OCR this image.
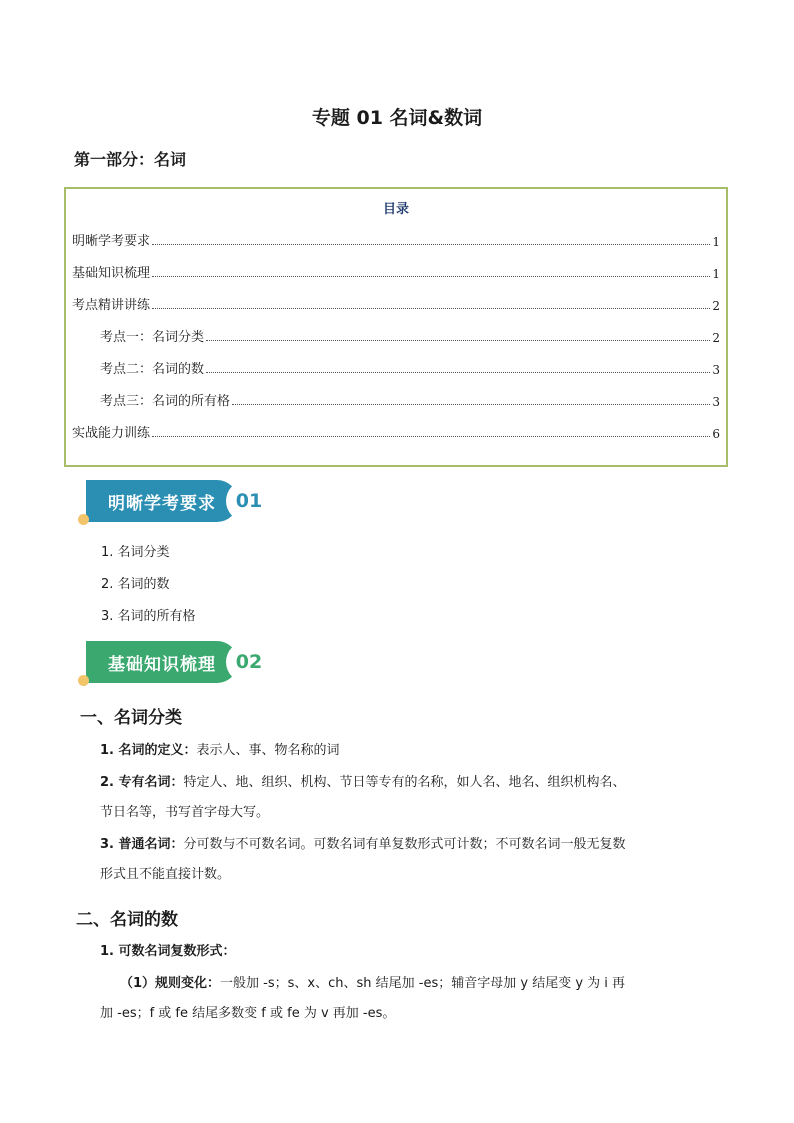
专题 01 名词&数词
第一部分：名词
目录
明晰学考要求	1
基础知识梳理	1
考点精讲讲练	2
考点一：名词分类	2
考点二：名词的数	3
考点三：名词的所有格	3
实战能力训练	6
明晰学考要求	01
1. 名词分类
2. 名词的数
3. 名词的所有格
基础知识梳理	02
一、名词分类
1. 名词的定义：表示人、事、物名称的词
2. 专有名词：特定人、地、组织、机构、节日等专有的名称，如人名、地名、组织机构名、节日名等，书写首字母大写。
3. 普通名词：分可数与不可数名词。可数名词有单复数形式可计数；不可数名词一般无复数形式且不能直接计数。
二、名词的数
1. 可数名词复数形式：
（1）规则变化：一般加 -s；s、x、ch、sh 结尾加 -es；辅音字母加 y 结尾变 y 为 i 再加 -es；f 或 fe 结尾多数变 f 或 fe 为 v 再加 -es。
